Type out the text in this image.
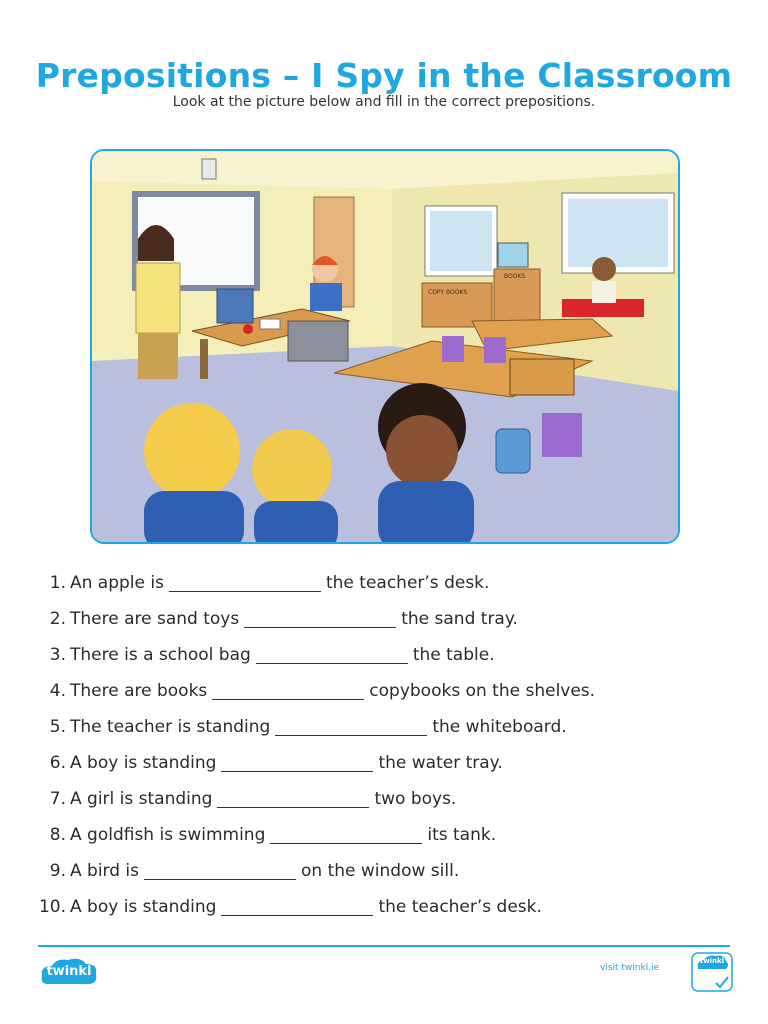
Prepositions – I Spy in the Classroom
Look at the picture below and fill in the correct prepositions.
COPY BOOKS
BOOKS
1. An apple is	the teacher’s desk.
2. There are sand toys	the sand tray.
3. There is a school bag	the table.
4. There are books	copybooks on the shelves.
5. The teacher is standing	the whiteboard.
6. A boy is standing	the water tray.
7. A girl is standing	two boys.
8. A goldfish is swimming	its tank.
9. A bird is	on the window sill.
10. A boy is standing	the teacher’s desk.
twinkl	visit twinkl.ie
twinkl
